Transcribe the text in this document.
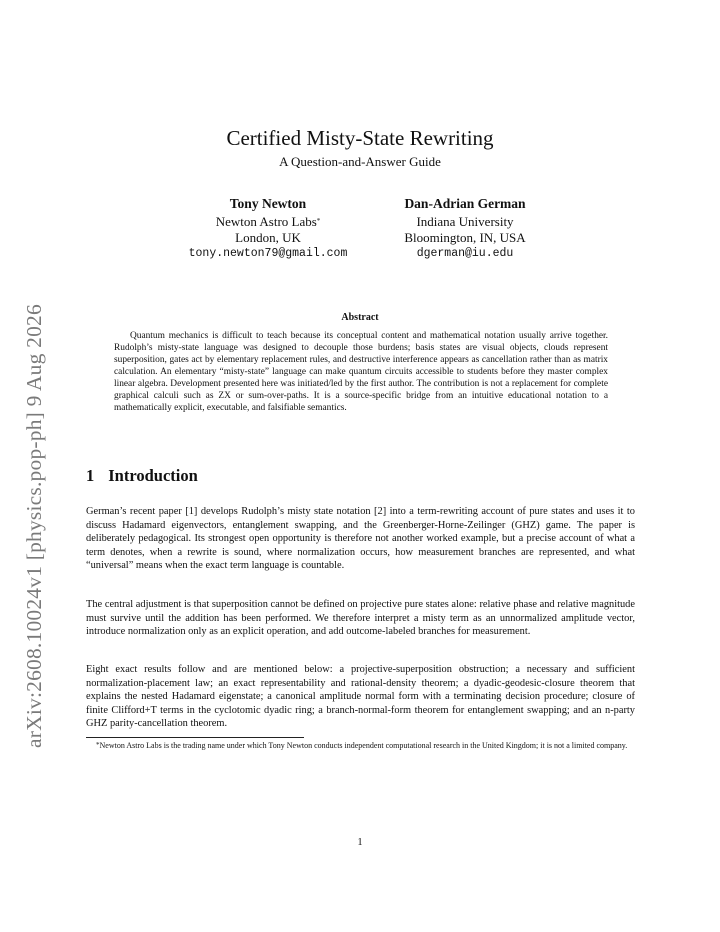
arXiv:2608.10024v1 [physics.pop-ph] 9 Aug 2026
Certified Misty-State Rewriting
A Question-and-Answer Guide
Tony Newton
Newton Astro Labs*
London, UK
tony.newton79@gmail.com
Dan-Adrian German
Indiana University
Bloomington, IN, USA
dgerman@iu.edu
Abstract

Quantum mechanics is difficult to teach because its conceptual content and mathematical notation usually arrive together. Rudolph’s misty-state language was designed to decouple those burdens; basis states are visual objects, clouds represent superposition, gates act by elementary replacement rules, and destructive interference appears as cancellation rather than as matrix calculation. An elementary “misty-state” language can make quantum circuits accessible to students before they master complex linear algebra. Development presented here was initiated/led by the first author. The contribution is not a replacement for complete graphical calculi such as ZX or sum-over-paths. It is a source-specific bridge from an intuitive educational notation to a mathematically explicit, executable, and falsifiable semantics.

1 Introduction

German’s recent paper [1] develops Rudolph’s misty state notation [2] into a term-rewriting account of pure states and uses it to discuss Hadamard eigenvectors, entanglement swapping, and the Greenberger-Horne-Zeilinger (GHZ) game. The paper is deliberately pedagogical. Its strongest open opportunity is therefore not another worked example, but a precise account of what a term denotes, when a rewrite is sound, where normalization occurs, how measurement branches are represented, and what “universal” means when the exact term language is countable.

The central adjustment is that superposition cannot be defined on projective pure states alone: relative phase and relative magnitude must survive until the addition has been performed. We therefore interpret a misty term as an unnormalized amplitude vector, introduce normalization only as an explicit operation, and add outcome-labeled branches for measurement.

Eight exact results follow and are mentioned below: a projective-superposition obstruction; a necessary and sufficient normalization-placement law; an exact representability and rational-density theorem; a dyadic-geodesic-closure theorem that explains the nested Hadamard eigenstate; a canonical amplitude normal form with a terminating decision procedure; closure of finite Clifford+T terms in the cyclotomic dyadic ring; a branch-normal-form theorem for entanglement swapping; and an n-party GHZ parity-cancellation theorem.

*Newton Astro Labs is the trading name under which Tony Newton conducts independent computational research in the United Kingdom; it is not a limited company.

1
